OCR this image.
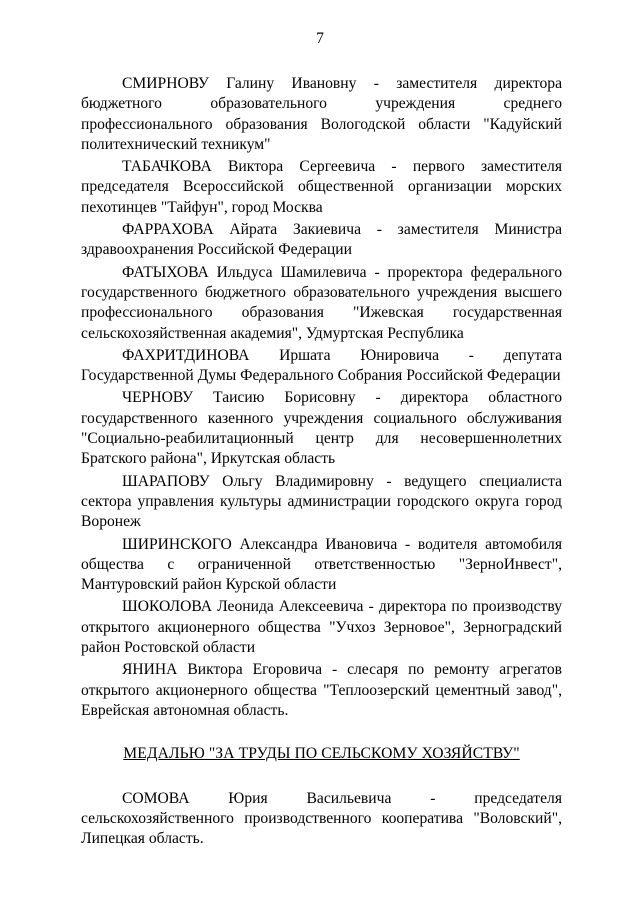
7

СМИРНОВУ Галину Ивановну - заместителя директора бюджетного образовательного учреждения среднего профессионального образования Вологодской области "Кадуйский политехнический техникум"

ТАБАЧКОВА Виктора Сергеевича - первого заместителя председателя Всероссийской общественной организации морских пехотинцев "Тайфун", город Москва

ФАРРАХОВА Айрата Закиевича - заместителя Министра здравоохранения Российской Федерации

ФАТЫХОВА Ильдуса Шамилевича - проректора федерального государственного бюджетного образовательного учреждения высшего профессионального образования "Ижевская государственная сельскохозяйственная академия", Удмуртская Республика

ФАХРИТДИНОВА Иршата Юнировича - депутата Государственной Думы Федерального Собрания Российской Федерации

ЧЕРНОВУ Таисию Борисовну - директора областного государственного казенного учреждения социального обслуживания "Социально-реабилитационный центр для несовершеннолетних Братского района", Иркутская область

ШАРАПОВУ Ольгу Владимировну - ведущего специалиста сектора управления культуры администрации городского округа город Воронеж

ШИРИНСКОГО Александра Ивановича - водителя автомобиля общества с ограниченной ответственностью "ЗерноИнвест", Мантуровский район Курской области

ШОКОЛОВА Леонида Алексеевича - директора по производству открытого акционерного общества "Учхоз Зерновое", Зерноградский район Ростовской области

ЯНИНА Виктора Егоровича - слесаря по ремонту агрегатов открытого акционерного общества "Теплоозерский цементный завод", Еврейская автономная область.

МЕДАЛЬЮ "ЗА ТРУДЫ ПО СЕЛЬСКОМУ ХОЗЯЙСТВУ"

СОМОВА Юрия Васильевича - председателя сельскохозяйственного производственного кооператива "Воловский", Липецкая область.
